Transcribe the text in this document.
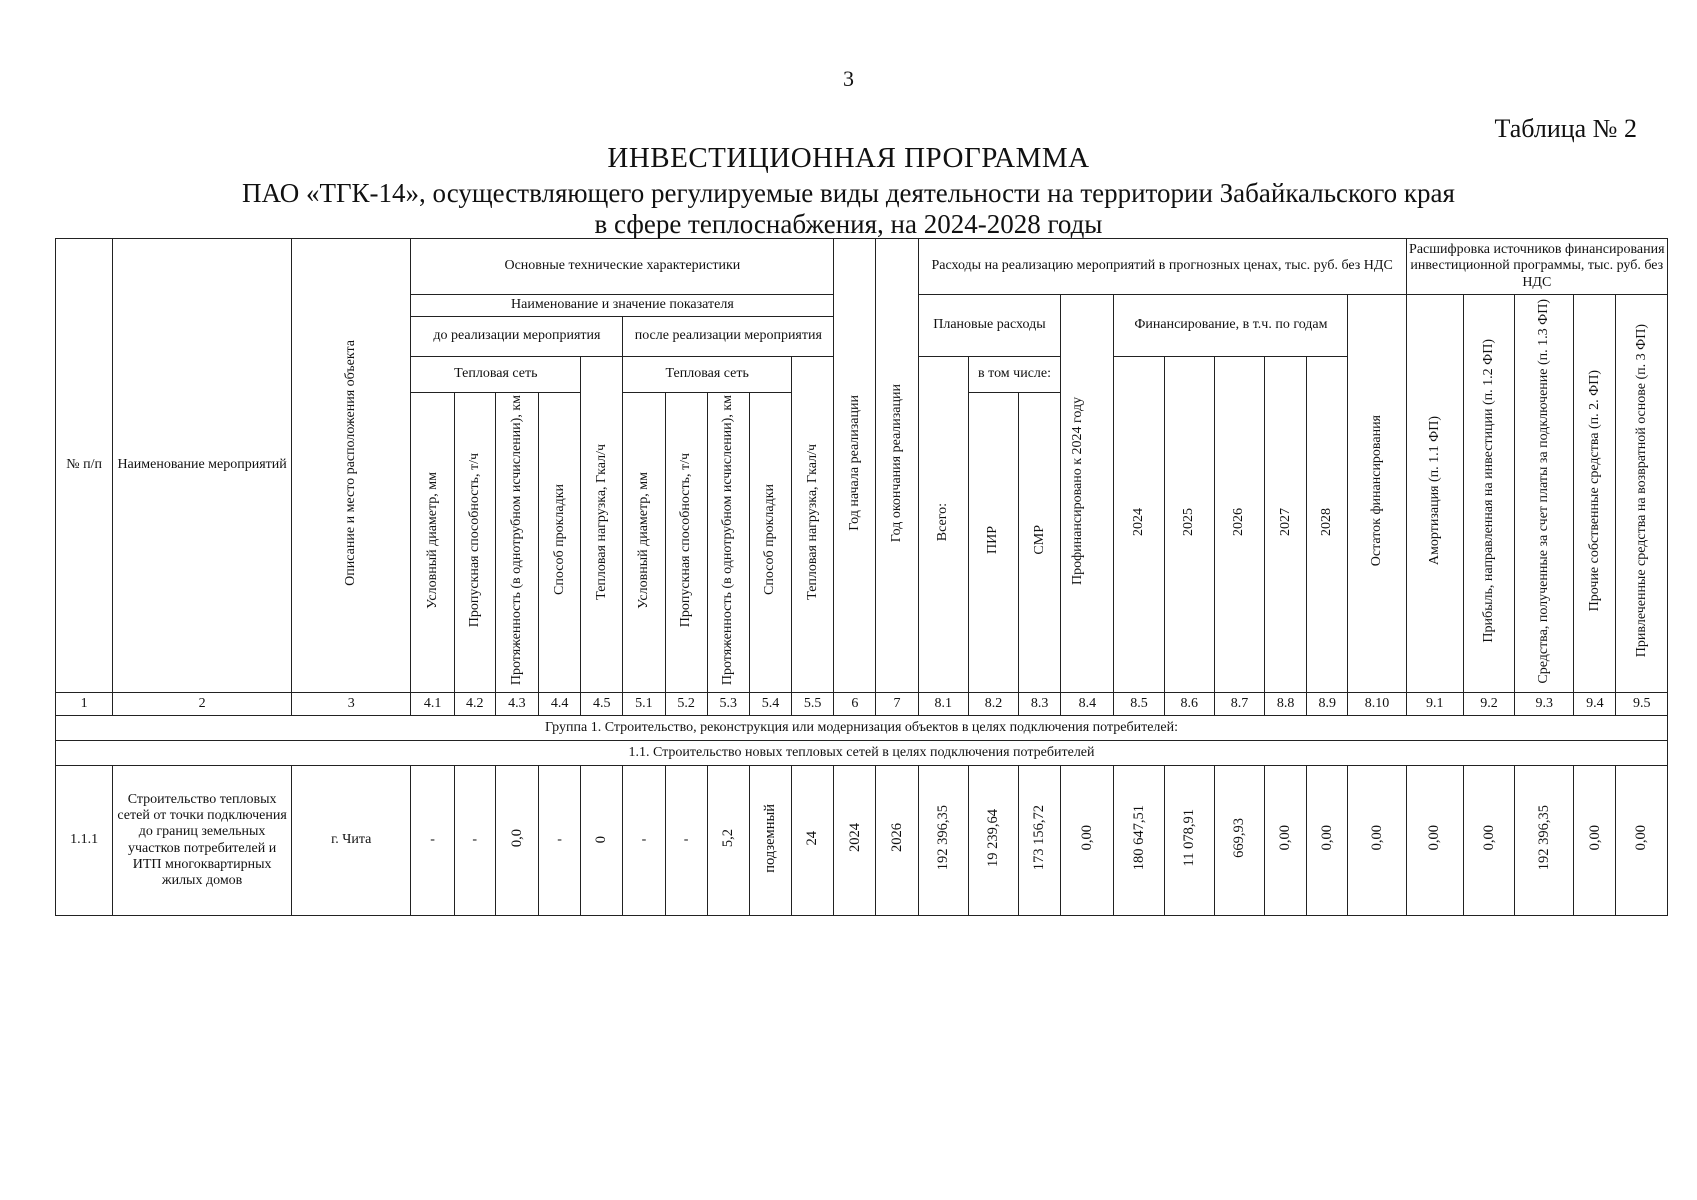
3
Таблица № 2
ИНВЕСТИЦИОННАЯ ПРОГРАММА
ПАО «ТГК-14», осуществляющего регулируемые виды деятельности на территории Забайкальского края
в сфере теплоснабжения, на 2024-2028 годы
№ п/п	Наименование мероприятий	Описание и место расположения объекта	Основные технические характеристики										Год начала реализации	Год окончания реализации	Расходы на реализацию мероприятий в прогнозных ценах, тыс. руб. без НДС										Расшифровка источников финансирования инвестиционной программы, тыс. руб. без НДС				
			Наименование и значение показателя												Плановые расходы			Профинансировано к 2024 году	Финансирование, в т.ч. по годам					Остаток финансирования	Амортизация (п. 1.1 ФП)	Прибыль, направленная на инвестиции (п. 1.2 ФП)	Средства, полученные за счет платы за подключение (п. 1.3 ФП)	Прочие собственные средства (п. 2. ФП)	Привлеченные средства на возвратной основе (п. 3 ФП)
			до реализации мероприятия					после реализации мероприятия																					
			Тепловая сеть				Тепловая нагрузка, Гкал/ч	Тепловая сеть				Тепловая нагрузка, Гкал/ч			Всего:	в том числе:			2024	2025	2026	2027	2028						
			Условный диаметр, мм	Пропускная способность, т/ч	Протяженность (в однотрубном исчислении), км	Способ прокладки		Условный диаметр, мм	Пропускная способность, т/ч	Протяженность (в однотрубном исчислении), км	Способ прокладки					ПИР	СМР												

1	2	3	4.1	4.2	4.3	4.4	4.5	5.1	5.2	5.3	5.4	5.5	6	7	8.1	8.2	8.3	8.4	8.5	8.6	8.7	8.8	8.9	8.10	9.1	9.2	9.3	9.4	9.5
Группа 1. Строительство, реконструкция или модернизация объектов в целях подключения потребителей:																													
1.1. Строительство новых тепловых сетей в целях подключения потребителей																													
1.1.1	Строительство тепловых сетей от точки подключения до границ земельных участков потребителей и ИТП многоквартирных жилых домов	г. Чита	-	-	0,0	-	0	-	-	5,2	подземный	24	2024	2026	192 396,35	19 239,64	173 156,72	0,00	180 647,51	11 078,91	669,93	0,00	0,00	0,00	0,00	0,00	192 396,35	0,00	0,00
